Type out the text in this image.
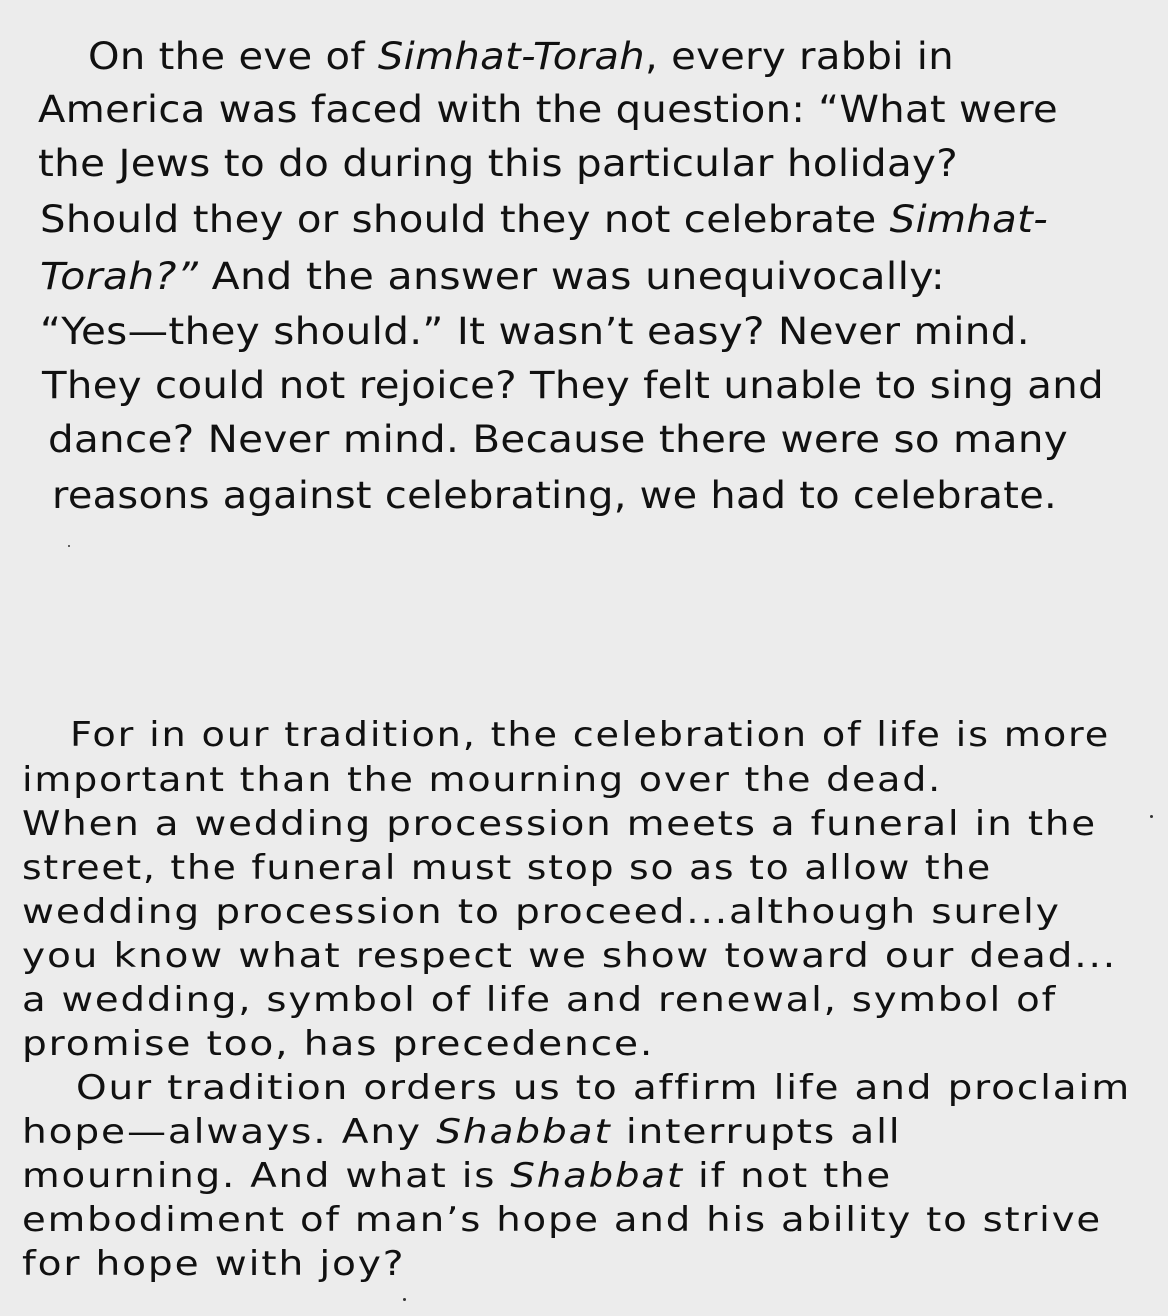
On the eve of Simhat-Torah, every rabbi in
America was faced with the question: “What were
the Jews to do during this particular holiday?
Should they or should they not celebrate Simhat-
Torah?” And the answer was unequivocally:
“Yes—they should.” It wasn’t easy? Never mind.
They could not rejoice? They felt unable to sing and
dance? Never mind. Because there were so many
reasons against celebrating, we had to celebrate.
For in our tradition, the celebration of life is more
important than the mourning over the dead.
When a wedding procession meets a funeral in the
street, the funeral must stop so as to allow the
wedding procession to proceed...although surely
you know what respect we show toward our dead...
a wedding, symbol of life and renewal, symbol of
promise too, has precedence.
Our tradition orders us to affirm life and proclaim
hope—always. Any Shabbat interrupts all
mourning. And what is Shabbat if not the
embodiment of man’s hope and his ability to strive
for hope with joy?
